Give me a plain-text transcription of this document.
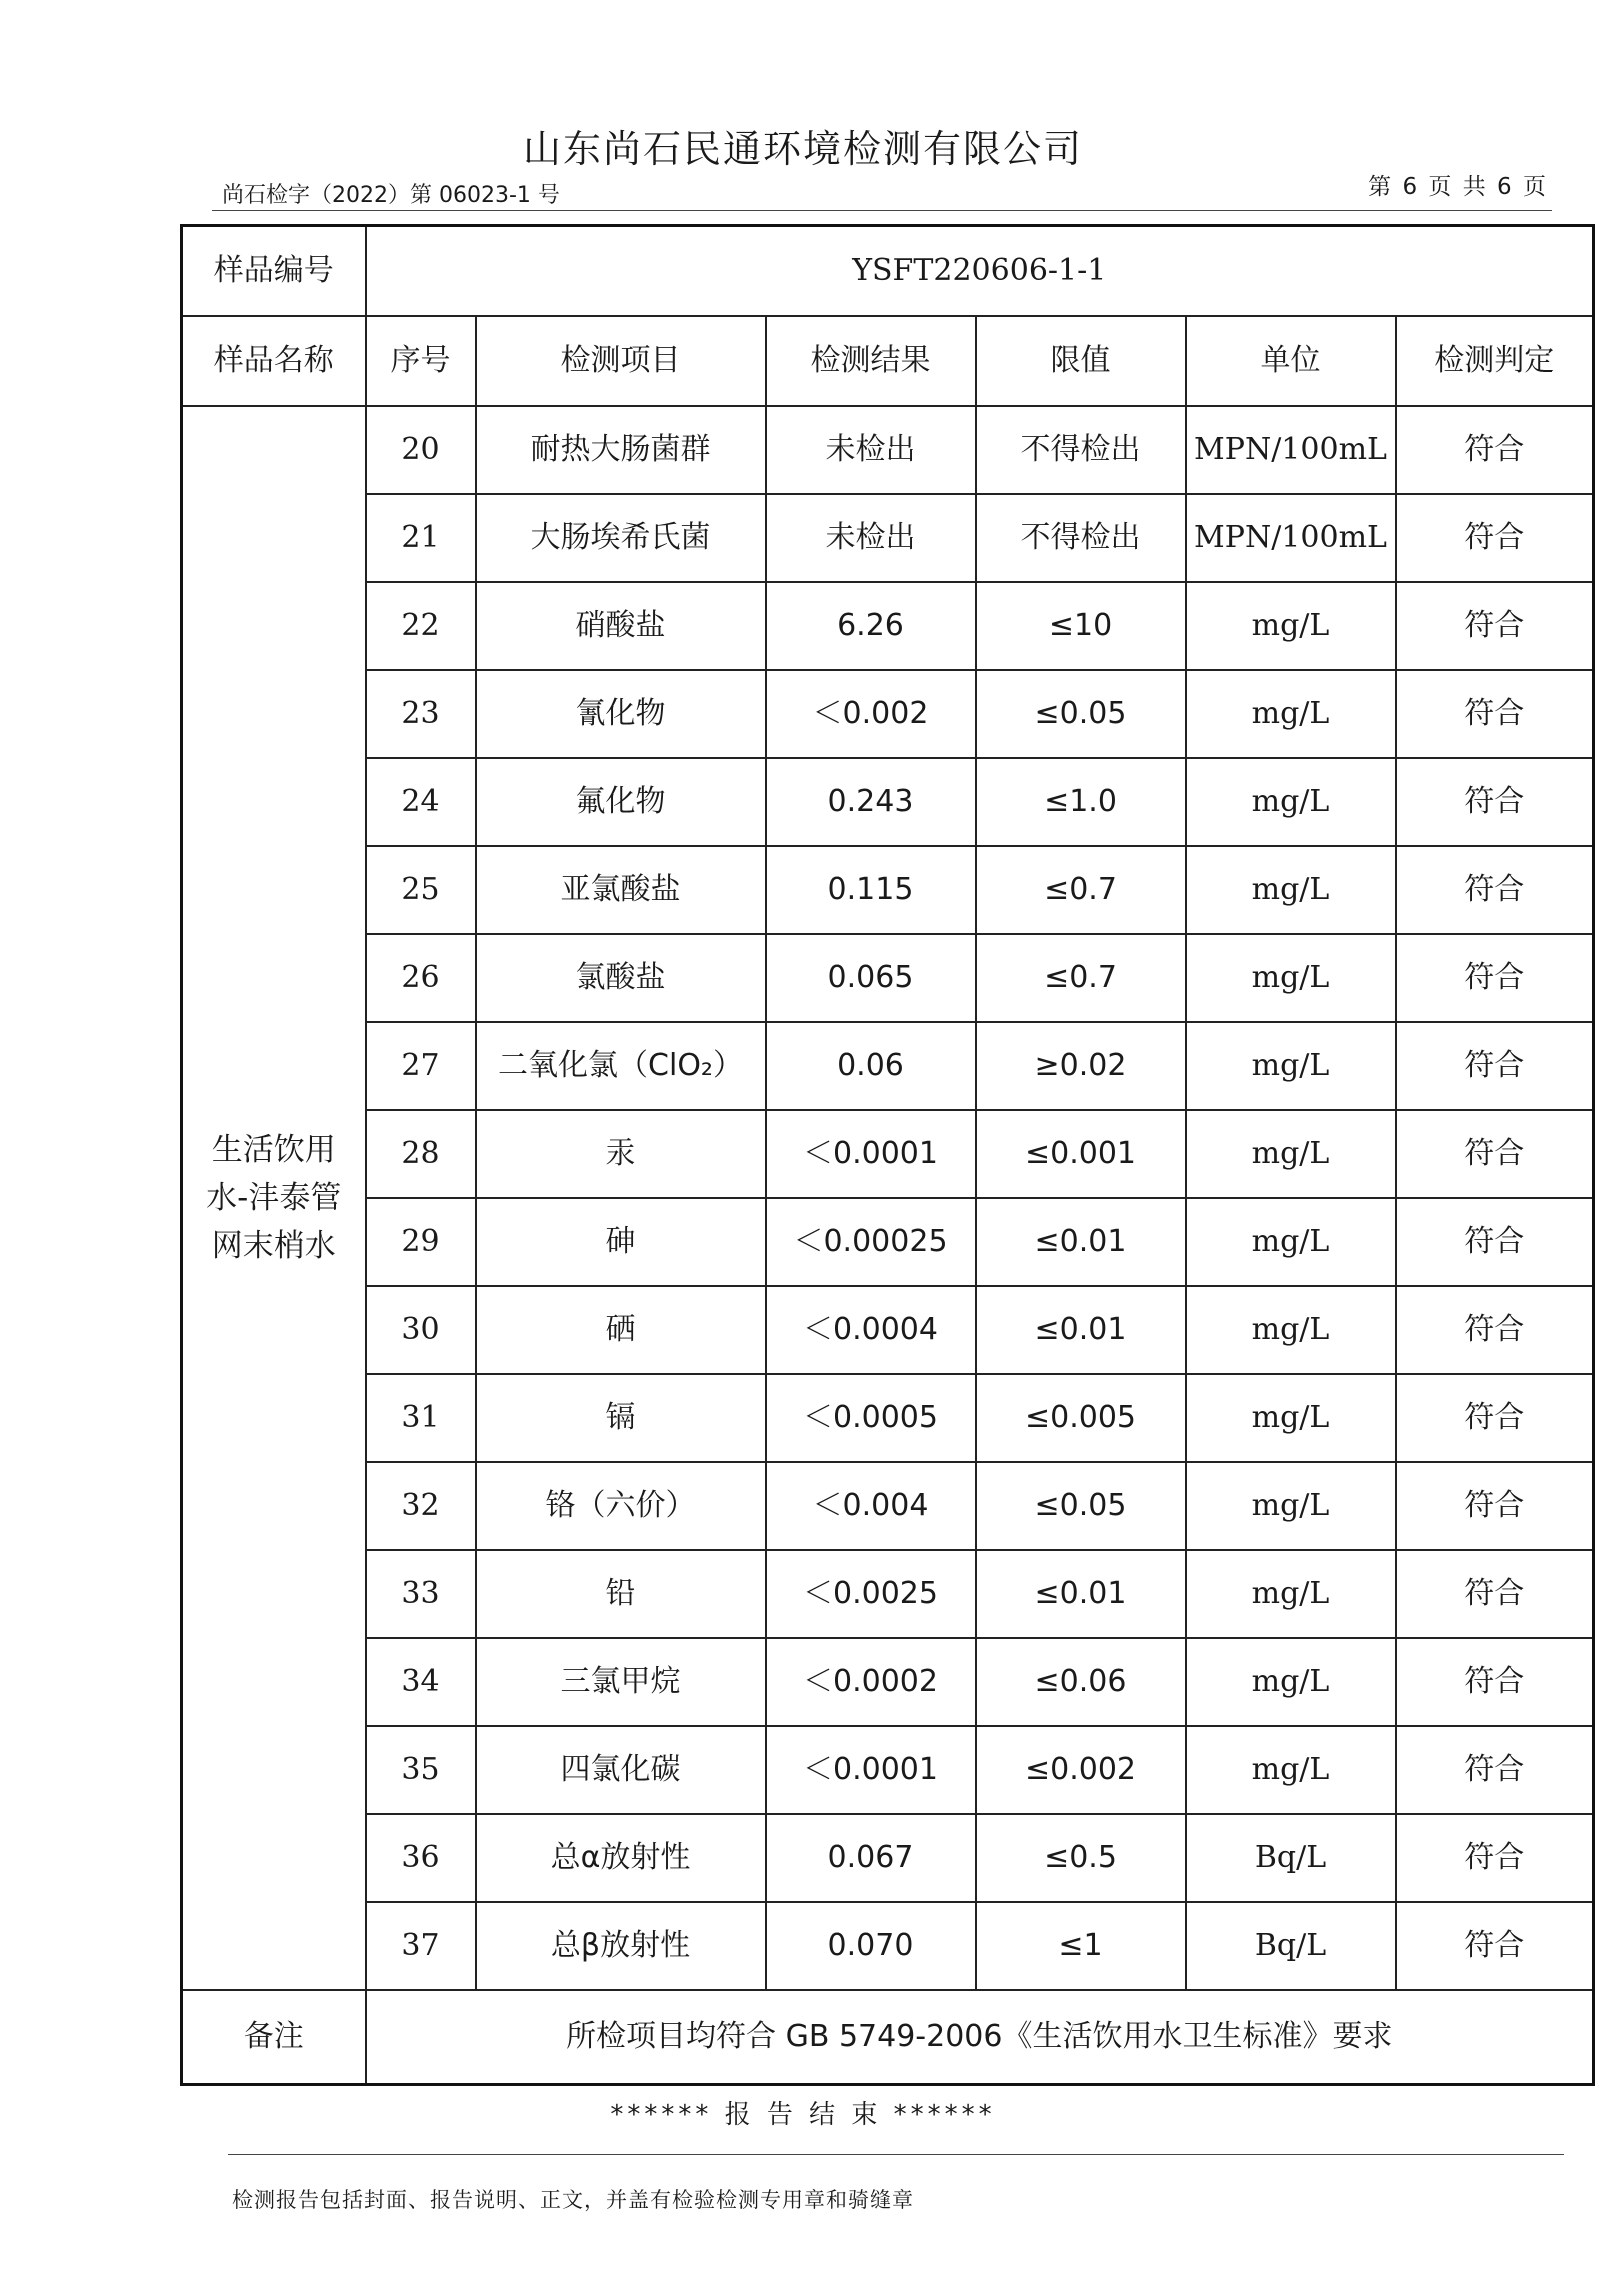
山东尚石民通环境检测有限公司
尚石检字（2022）第 06023-1 号	第 6 页 共 6 页
样品编号	YSFT220606-1-1					
样品名称	序号	检测项目	检测结果	限值	单位	检测判定
生活饮用水-沣泰管网末梢水	20	耐热大肠菌群	未检出	不得检出	MPN/100mL	符合
	21	大肠埃希氏菌	未检出	不得检出	MPN/100mL	符合
	22	硝酸盐	6.26	≤10	mg/L	符合
	23	氰化物	＜0.002	≤0.05	mg/L	符合
	24	氟化物	0.243	≤1.0	mg/L	符合
	25	亚氯酸盐	0.115	≤0.7	mg/L	符合
	26	氯酸盐	0.065	≤0.7	mg/L	符合
	27	二氧化氯（ClO₂）	0.06	≥0.02	mg/L	符合
	28	汞	＜0.0001	≤0.001	mg/L	符合
	29	砷	＜0.00025	≤0.01	mg/L	符合
	30	硒	＜0.0004	≤0.01	mg/L	符合
	31	镉	＜0.0005	≤0.005	mg/L	符合
	32	铬（六价）	＜0.004	≤0.05	mg/L	符合
	33	铅	＜0.0025	≤0.01	mg/L	符合
	34	三氯甲烷	＜0.0002	≤0.06	mg/L	符合
	35	四氯化碳	＜0.0001	≤0.002	mg/L	符合
	36	总α放射性	0.067	≤0.5	Bq/L	符合
	37	总β放射性	0.070	≤1	Bq/L	符合
备注	所检项目均符合 GB 5749-2006《生活饮用水卫生标准》要求					
****** 报 告 结 束 ******
检测报告包括封面、报告说明、正文，并盖有检验检测专用章和骑缝章
